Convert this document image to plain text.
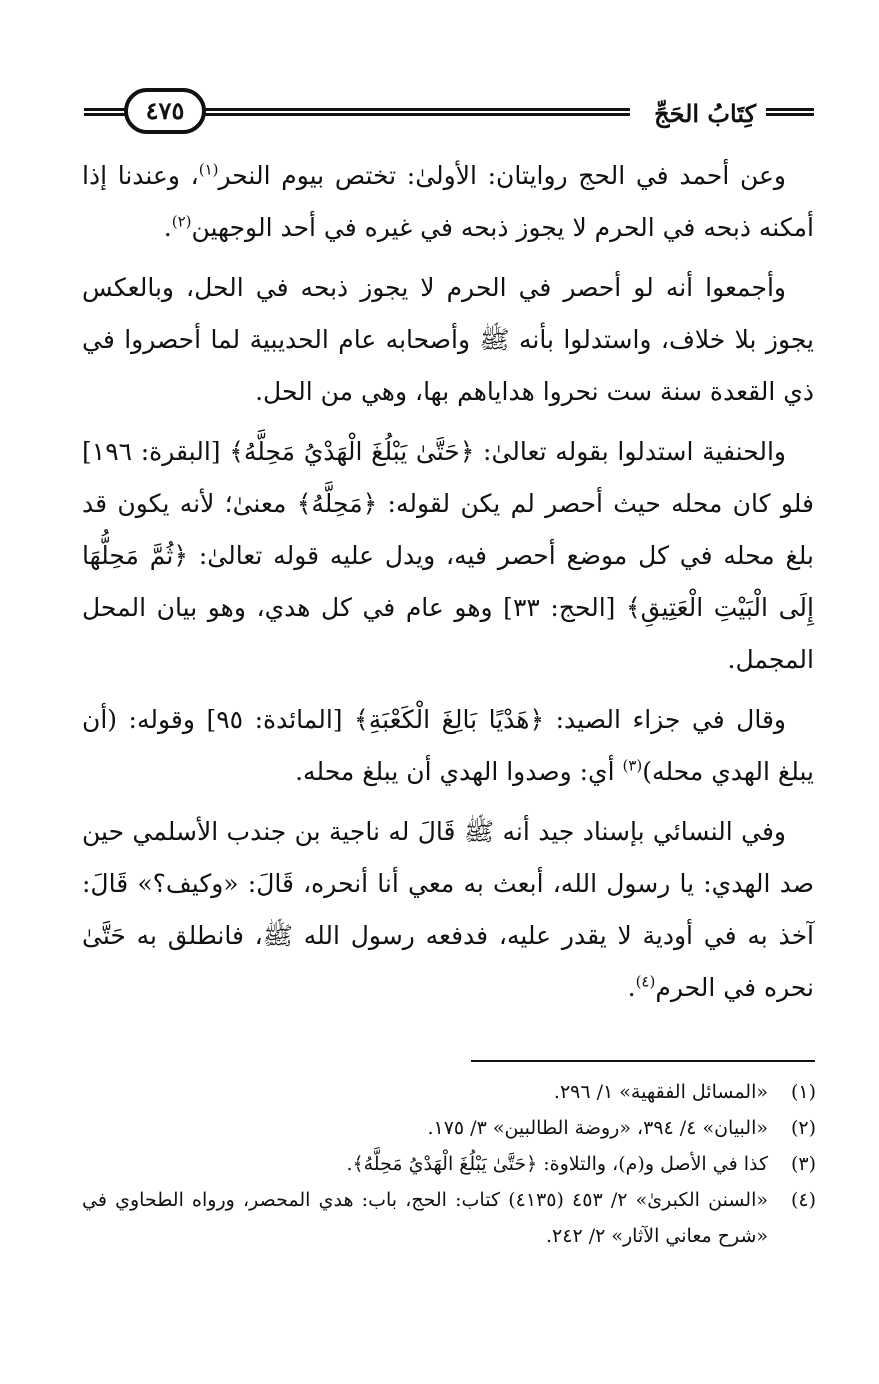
كِتَابُ الحَجِّ
٤٧٥

وعن أحمد في الحج روايتان: الأولىٰ: تختص بيوم النحر$^{(١)}$، وعندنا إذا أمكنه ذبحه في الحرم لا يجوز ذبحه في غيره في أحد الوجهين$^{(٢)}$.

وأجمعوا أنه لو أحصر في الحرم لا يجوز ذبحه في الحل، وبالعكس يجوز بلا خلاف، واستدلوا بأنه ﷺ وأصحابه عام الحديبية لما أحصروا في ذي القعدة سنة ست نحروا هداياهم بها، وهي من الحل.

والحنفية استدلوا بقوله تعالىٰ: ﴿حَتَّىٰ يَبْلُغَ الْهَدْيُ مَحِلَّهُ﴾ [البقرة: ١٩٦] فلو كان محله حيث أحصر لم يكن لقوله: ﴿مَحِلَّهُ﴾ معنىٰ؛ لأنه يكون قد بلغ محله في كل موضع أحصر فيه، ويدل عليه قوله تعالىٰ: ﴿ثُمَّ مَحِلُّهَا إِلَى الْبَيْتِ الْعَتِيقِ﴾ [الحج: ٣٣] وهو عام في كل هدي، وهو بيان المحل المجمل.

وقال في جزاء الصيد: ﴿هَدْيًا بَالِغَ الْكَعْبَةِ﴾ [المائدة: ٩٥] وقوله: (أن يبلغ الهدي محله)$^{(٣)}$ أي: وصدوا الهدي أن يبلغ محله.

وفي النسائي بإسناد جيد أنه ﷺ قَالَ له ناجية بن جندب الأسلمي حين صد الهدي: يا رسول الله، أبعث به معي أنا أنحره، قَالَ: «وكيف؟» قَالَ: آخذ به في أودية لا يقدر عليه، فدفعه رسول الله ﷺ، فانطلق به حَتَّىٰ نحره في الحرم$^{(٤)}$.

(١)
«المسائل الفقهية» ١/ ٢٩٦.
(٢)
«البيان» ٤/ ٣٩٤، «روضة الطالبين» ٣/ ١٧٥.
(٣)
كذا في الأصل و(م)، والتلاوة: ﴿حَتَّىٰ يَبْلُغَ الْهَدْيُ مَحِلَّهُ﴾.
(٤)
«السنن الكبرىٰ» ٢/ ٤٥٣ (٤١٣٥) كتاب: الحج، باب: هدي المحصر، ورواه الطحاوي في «شرح معاني الآثار» ٢/ ٢٤٢.
